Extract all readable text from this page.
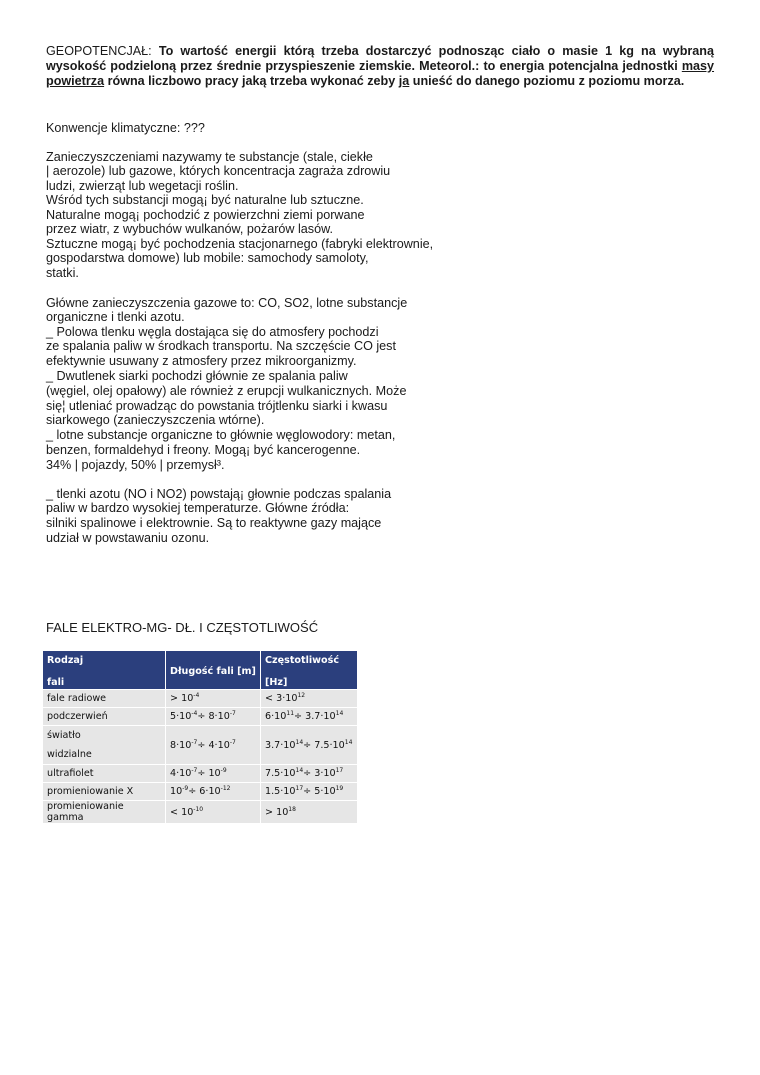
GEOPOTENCJAŁ: To wartość energii którą trzeba dostarczyć podnosząc ciało o masie 1 kg na wybraną wysokość podzieloną przez średnie przyspieszenie ziemskie. Meteorol.: to energia potencjalna jednostki masy powietrza równa liczbowo pracy jaką trzeba wykonać zeby ja unieść do danego poziomu z poziomu morza.
Konwencje klimatyczne: ???
Zanieczyszczeniami nazywamy te substancje (stale, ciekłe
| aerozole) lub gazowe, których koncentracja zagraża zdrowiu
ludzi, zwierząt lub wegetacji roślin.
Wśród tych substancji mogą¡ być naturalne lub sztuczne.
Naturalne mogą¡ pochodzić z powierzchni ziemi porwane
przez wiatr, z wybuchów wulkanów, pożarów lasów.
Sztuczne mogą¡ być pochodzenia stacjonarnego (fabryki elektrownie,
gospodarstwa domowe) lub mobile: samochody samoloty,
statki.
Główne zanieczyszczenia gazowe to: CO, SO2, lotne substancje
organiczne i tlenki azotu.
_ Polowa tlenku węgla dostająca się do atmosfery pochodzi
ze spalania paliw w środkach transportu. Na szczęście CO jest
efektywnie usuwany z atmosfery przez mikroorganizmy.
_ Dwutlenek siarki pochodzi głównie ze spalania paliw
(węgiel, olej opałowy) ale również z erupcji wulkanicznych. Może
się¦ utleniać prowadząc do powstania trójtlenku siarki i kwasu
siarkowego (zanieczyszczenia wtórne).
_ lotne substancje organiczne to głównie węglowodory: metan,
benzen, formaldehyd i freony. Mogą¡ być kancerogenne.
34% | pojazdy, 50% | przemysł³.
_ tlenki azotu (NO i NO2) powstają¡ głownie podczas spalania
paliw w bardzo wysokiej temperaturze. Główne źródła:
silniki spalinowe i elektrownie. Są to reaktywne gazy mające
udział w powstawaniu ozonu.
FALE ELEKTRO-MG- DŁ. I CZĘSTOTLIWOŚĆ
Rodzaj
fali	Długość fali [m]	Częstotliwość
[Hz]

fale radiowe	> $10^{-4}$	< $3\cdot 10^{12}$
podczerwień	$5\cdot 10^{-4}\div 8\cdot 10^{-7}$	$6\cdot 10^{11}\div 3.7\cdot 10^{14}$

światło
widzialne	$8\cdot 10^{-7}\div 4\cdot 10^{-7}$	$3.7\cdot 10^{14}\div 7.5\cdot 10^{14}$
ultrafiolet	$4\cdot 10^{-7}\div 10^{-9}$	$7.5\cdot 10^{14}\div 3\cdot 10^{17}$
promieniowanie X	$10^{-9}\div 6\cdot 10^{-12}$	$1.5\cdot 10^{17}\div 5\cdot 10^{19}$
promieniowanie gamma	< $10^{-10}$	> $10^{18}$
